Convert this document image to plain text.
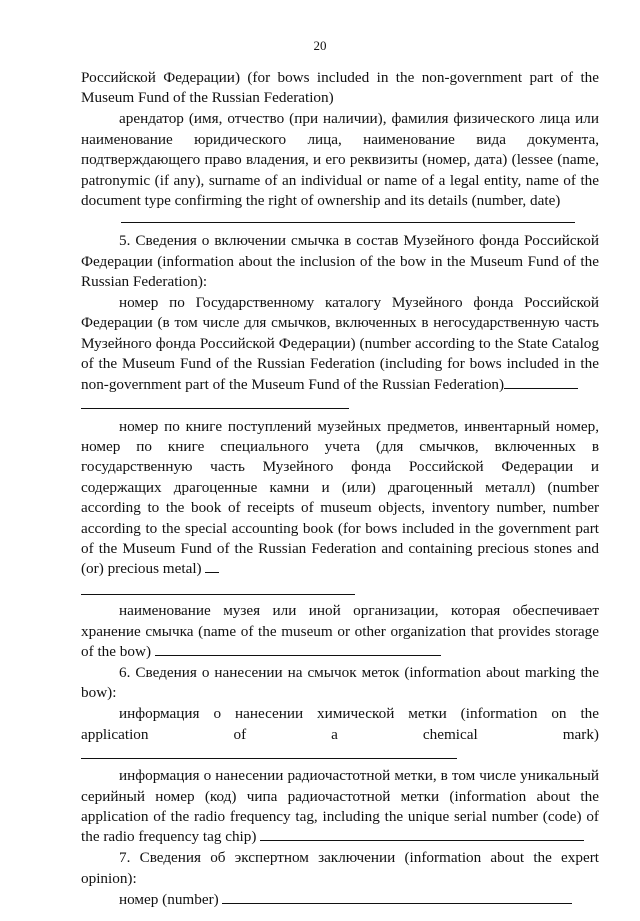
20

Российской Федерации) (for bows included in the non-government part of the Museum Fund of the Russian Federation)

арендатор (имя, отчество (при наличии), фамилия физического лица или наименование юридического лица, наименование вида документа, подтверждающего право владения, и его реквизиты (номер, дата) (lessee (name, patronymic (if any), surname of an individual or name of a legal entity, name of the document type confirming the right of ownership and its details (number, date)

5. Сведения о включении смычка в состав Музейного фонда Российской Федерации (information about the inclusion of the bow in the Museum Fund of the Russian Federation):

номер по Государственному каталогу Музейного фонда Российской Федерации (в том числе для смычков, включенных в негосударственную часть Музейного фонда Российской Федерации) (number according to the State Catalog of the Museum Fund of the Russian Federation (including for bows included in the non-government part of the Museum Fund of the Russian Federation)

номер по книге поступлений музейных предметов, инвентарный номер, номер по книге специального учета (для смычков, включенных в государственную часть Музейного фонда Российской Федерации и содержащих драгоценные камни и (или) драгоценный металл) (number according to the book of receipts of museum objects, inventory number, number according to the special accounting book (for bows included in the government part of the Museum Fund of the Russian Federation and containing precious stones and (or) precious metal)

наименование музея или иной организации, которая обеспечивает хранение смычка (name of the museum or other organization that provides storage of the bow)

6. Сведения о нанесении на смычок меток (information about marking the bow):

информация о нанесении химической метки (information on the application of a chemical mark)

информация о нанесении радиочастотной метки, в том числе уникальный серийный номер (код) чипа радиочастотной метки (information about the application of the radio frequency tag, including the unique serial number (code) of the radio frequency tag chip)

7. Сведения об экспертном заключении (information about the expert opinion):

номер (number)
